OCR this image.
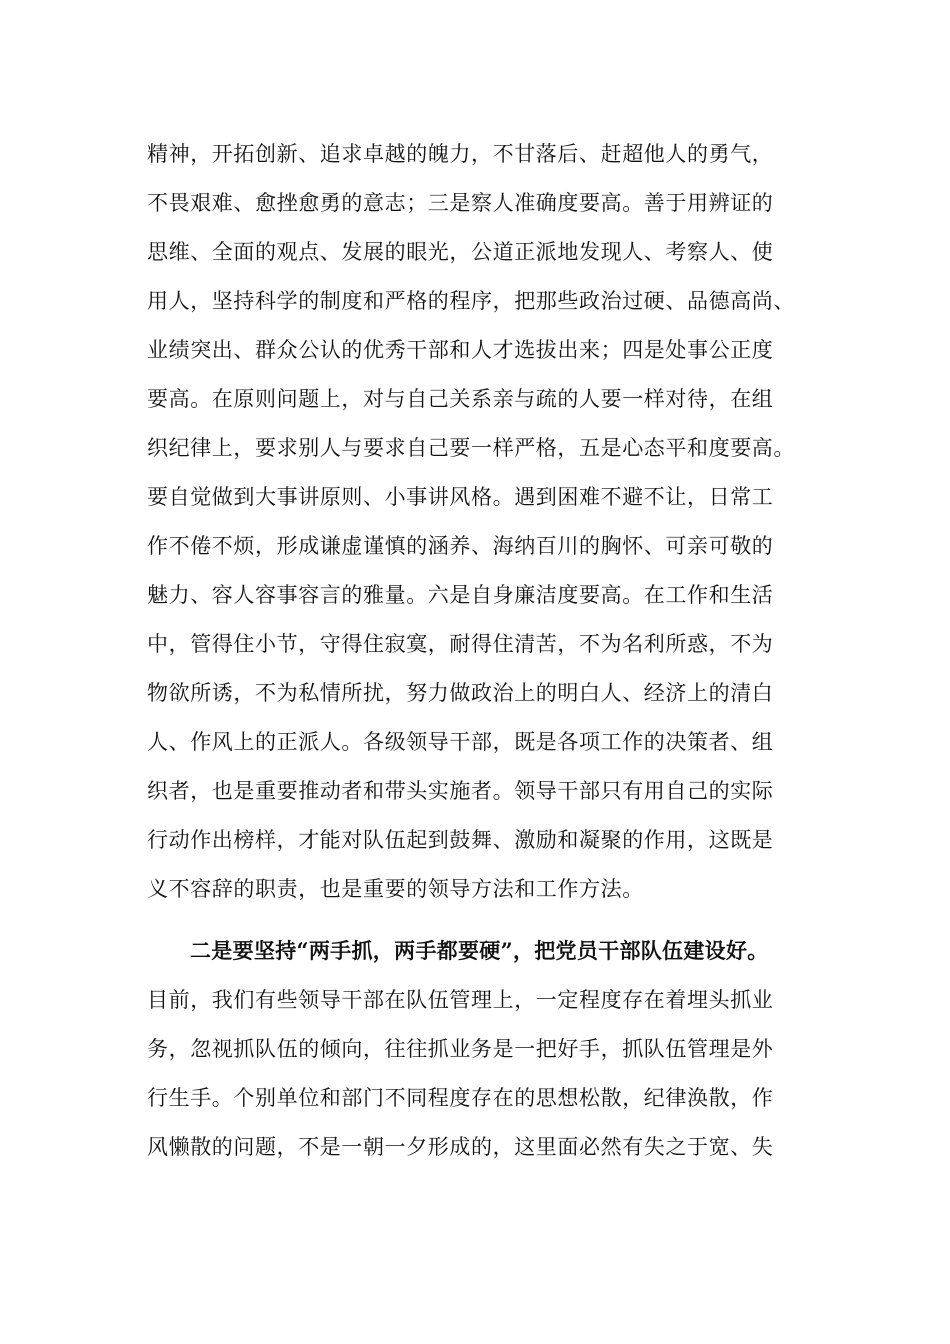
精神，开拓创新、追求卓越的魄力，不甘落后、赶超他人的勇气，
不畏艰难、愈挫愈勇的意志；三是察人准确度要高。善于用辨证的
思维、全面的观点、发展的眼光，公道正派地发现人、考察人、使
用人，坚持科学的制度和严格的程序，把那些政治过硬、品德高尚、
业绩突出、群众公认的优秀干部和人才选拔出来；四是处事公正度
要高。在原则问题上，对与自己关系亲与疏的人要一样对待，在组
织纪律上，要求别人与要求自己要一样严格，五是心态平和度要高。
要自觉做到大事讲原则、小事讲风格。遇到困难不避不让，日常工
作不倦不烦，形成谦虚谨慎的涵养、海纳百川的胸怀、可亲可敬的
魅力、容人容事容言的雅量。六是自身廉洁度要高。在工作和生活
中，管得住小节，守得住寂寞，耐得住清苦，不为名利所惑，不为
物欲所诱，不为私情所扰，努力做政治上的明白人、经济上的清白
人、作风上的正派人。各级领导干部，既是各项工作的决策者、组
织者，也是重要推动者和带头实施者。领导干部只有用自己的实际
行动作出榜样，才能对队伍起到鼓舞、激励和凝聚的作用，这既是
义不容辞的职责，也是重要的领导方法和工作方法。
二是要坚持“两手抓，两手都要硬”，把党员干部队伍建设好。
目前，我们有些领导干部在队伍管理上，一定程度存在着埋头抓业
务，忽视抓队伍的倾向，往往抓业务是一把好手，抓队伍管理是外
行生手。个别单位和部门不同程度存在的思想松散，纪律涣散，作
风懒散的问题，不是一朝一夕形成的，这里面必然有失之于宽、失
